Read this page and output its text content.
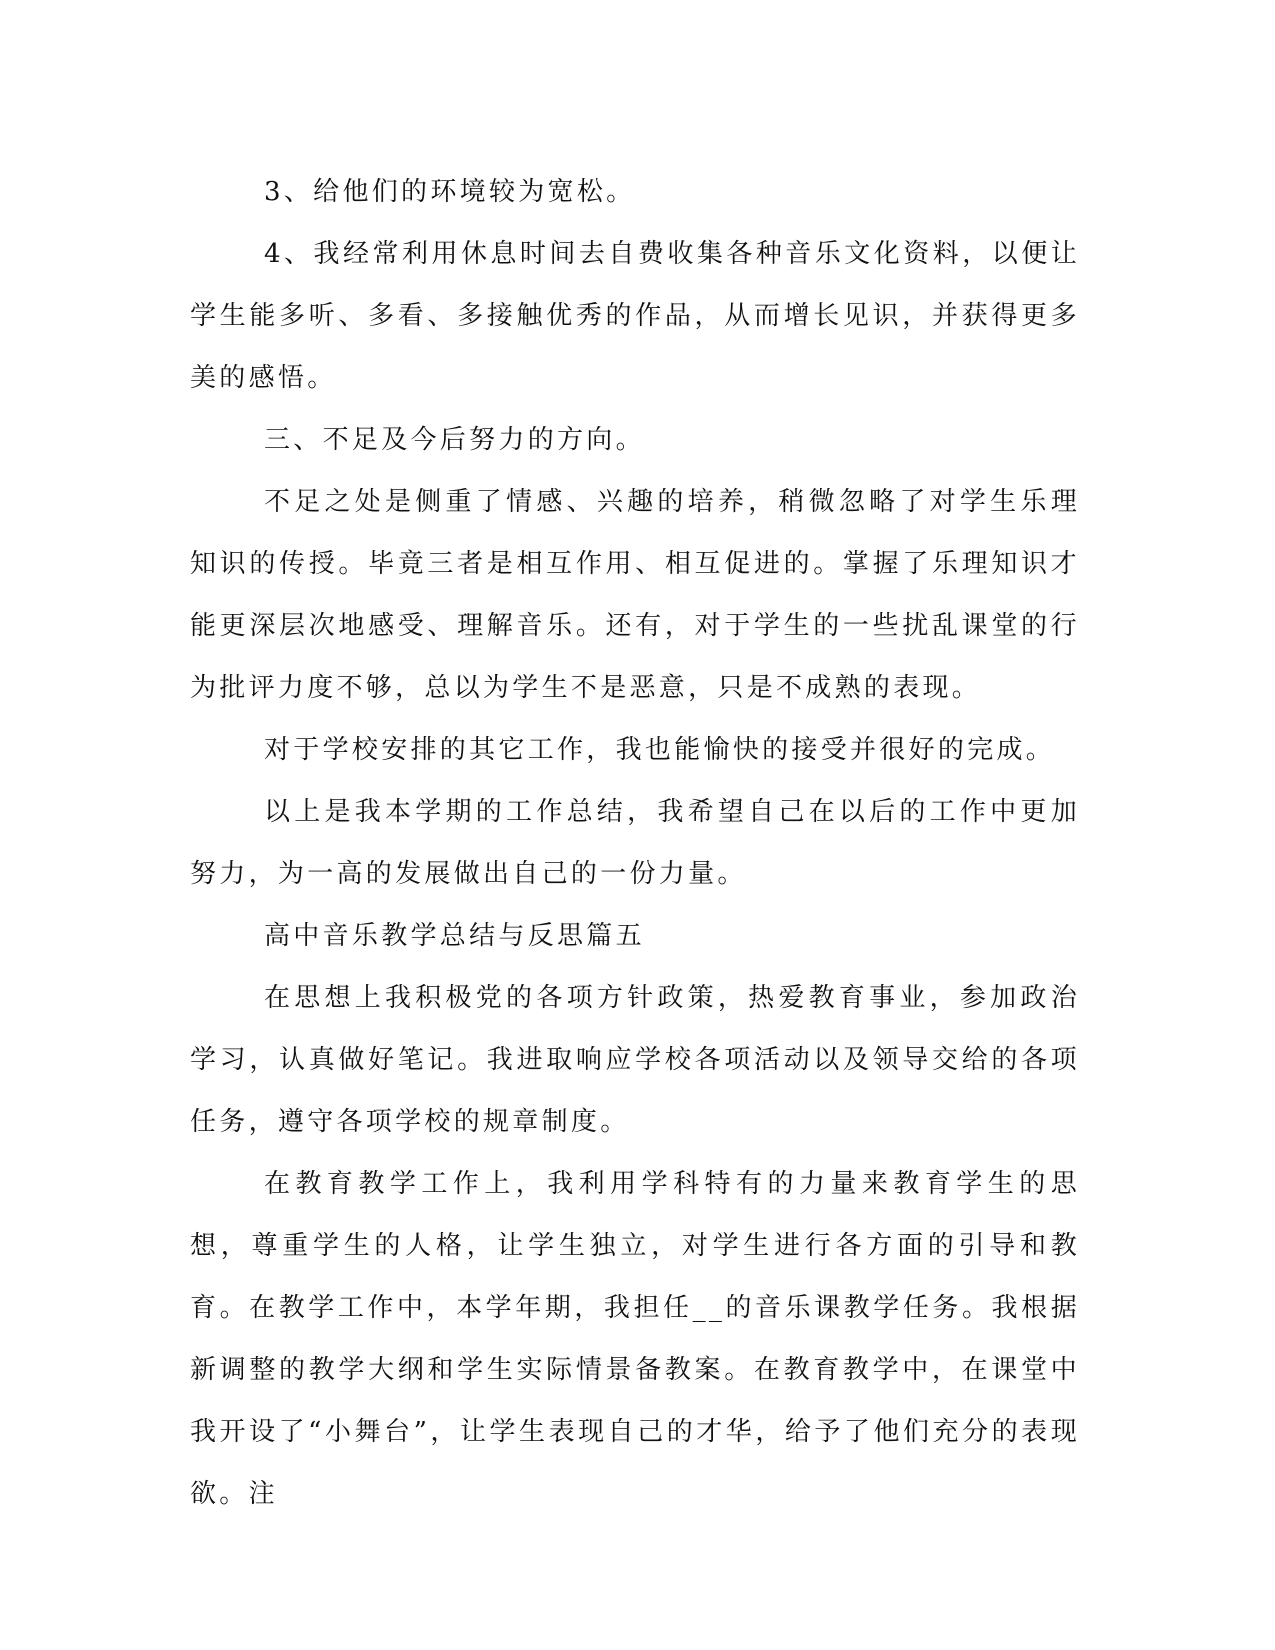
3、给他们的环境较为宽松。

4、我经常利用休息时间去自费收集各种音乐文化资料，以便让学生能多听、多看、多接触优秀的作品，从而增长见识，并获得更多美的感悟。

三、不足及今后努力的方向。

不足之处是侧重了情感、兴趣的培养，稍微忽略了对学生乐理知识的传授。毕竟三者是相互作用、相互促进的。掌握了乐理知识才能更深层次地感受、理解音乐。还有，对于学生的一些扰乱课堂的行为批评力度不够，总以为学生不是恶意，只是不成熟的表现。

对于学校安排的其它工作，我也能愉快的接受并很好的完成。

以上是我本学期的工作总结，我希望自己在以后的工作中更加努力，为一高的发展做出自己的一份力量。

高中音乐教学总结与反思篇五

在思想上我积极党的各项方针政策，热爱教育事业，参加政治学习，认真做好笔记。我进取响应学校各项活动以及领导交给的各项任务，遵守各项学校的规章制度。

在教育教学工作上，我利用学科特有的力量来教育学生的思想，尊重学生的人格，让学生独立，对学生进行各方面的引导和教育。在教学工作中，本学年期，我担任__的音乐课教学任务。我根据新调整的教学大纲和学生实际情景备教案。在教育教学中，在课堂中我开设了“小舞台”，让学生表现自己的才华，给予了他们充分的表现欲。注
